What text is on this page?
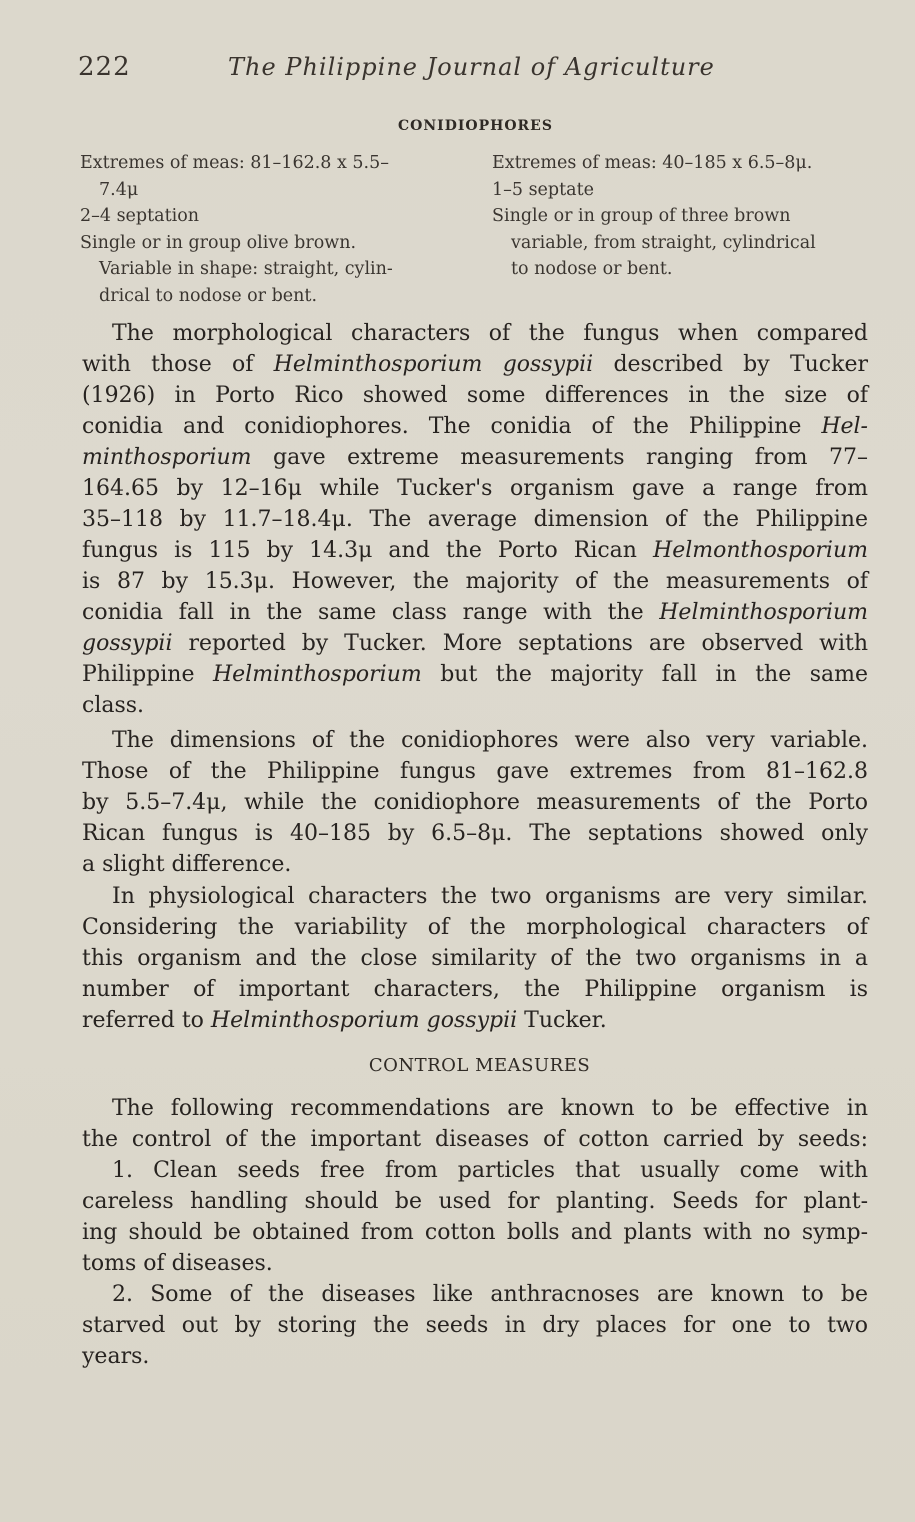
222	The Philippine Journal of Agriculture
CONIDIOPHORES
Extremes of meas: 81–162.8 x 5.5–
7.4μ
2–4 septation
Single or in group olive brown.
Variable in shape: straight, cylin-
drical to nodose or bent.
Extremes of meas: 40–185 x 6.5–8μ.
1–5 septate
Single or in group of three brown
variable, from straight, cylindrical
to nodose or bent.
The morphological characters of the fungus when compared
with those of Helminthosporium gossypii described by Tucker
(1926) in Porto Rico showed some differences in the size of
conidia and conidiophores. The conidia of the Philippine Hel-
minthosporium gave extreme measurements ranging from 77–
164.65 by 12–16μ while Tucker's organism gave a range from
35–118 by 11.7–18.4μ. The average dimension of the Philippine
fungus is 115 by 14.3μ and the Porto Rican Helmonthosporium
is 87 by 15.3μ. However, the majority of the measurements of
conidia fall in the same class range with the Helminthosporium
gossypii reported by Tucker. More septations are observed with
Philippine Helminthosporium but the majority fall in the same
class.
The dimensions of the conidiophores were also very variable.
Those of the Philippine fungus gave extremes from 81–162.8
by 5.5–7.4μ, while the conidiophore measurements of the Porto
Rican fungus is 40–185 by 6.5–8μ. The septations showed only
a slight difference.
In physiological characters the two organisms are very similar.
Considering the variability of the morphological characters of
this organism and the close similarity of the two organisms in a
number of important characters, the Philippine organism is
referred to Helminthosporium gossypii Tucker.
CONTROL MEASURES
The following recommendations are known to be effective in
the control of the important diseases of cotton carried by seeds:
1. Clean seeds free from particles that usually come with
careless handling should be used for planting. Seeds for plant-
ing should be obtained from cotton bolls and plants with no symp-
toms of diseases.
2. Some of the diseases like anthracnoses are known to be
starved out by storing the seeds in dry places for one to two
years.
